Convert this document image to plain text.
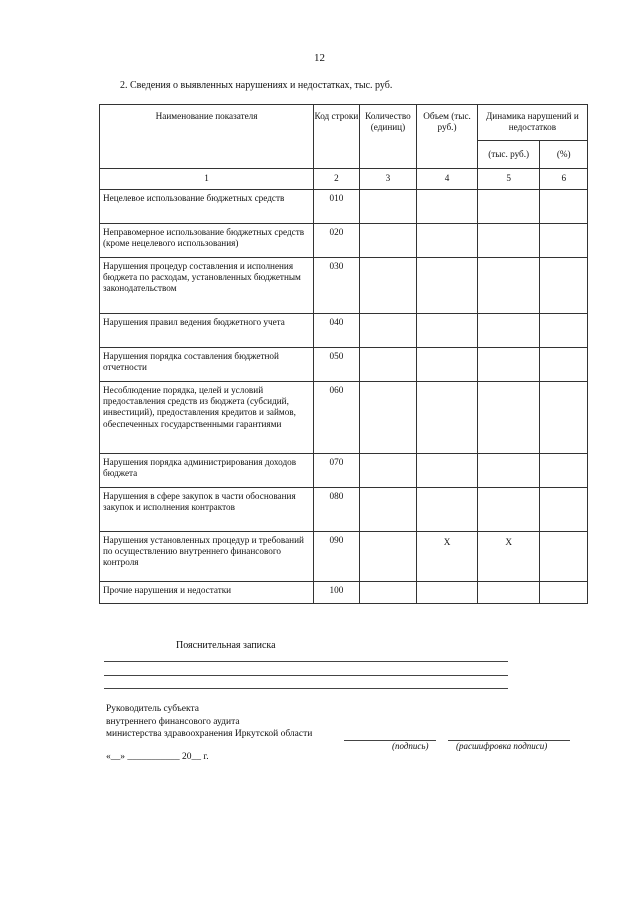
12
2. Сведения о выявленных нарушениях и недостатках, тыс. руб.
Наименование показателя	Код строки	Количество (единиц)	Объем (тыс. руб.)	Динамика нарушений и недостатков	
				(тыс. руб.)	(%)
1	2	3	4	5	6
Нецелевое использование бюджетных средств	010				
Неправомерное использование бюджетных средств (кроме нецелевого использования)	020				
Нарушения процедур составления и исполнения бюджета по расходам, установленных бюджетным законодательством	030				
Нарушения правил ведения бюджетного учета	040				
Нарушения порядка составления бюджетной отчетности	050				
Несоблюдение порядка, целей и условий предоставления средств из бюджета (субсидий, инвестиций), предоставления кредитов и займов, обеспеченных государственными гарантиями	060				
Нарушения порядка администрирования доходов бюджета	070				
Нарушения в сфере закупок в части обоснования закупок и исполнения контрактов	080				
Нарушения установленных процедур и требований по осуществлению внутреннего финансового контроля	090		X	X	
Прочие нарушения и недостатки	100				
Пояснительная записка
Руководитель субъекта
внутреннего финансового аудита
министерства здравоохранения Иркутской области
(подпись)	(расшифровка подписи)
«__» ___________ 20__ г.
